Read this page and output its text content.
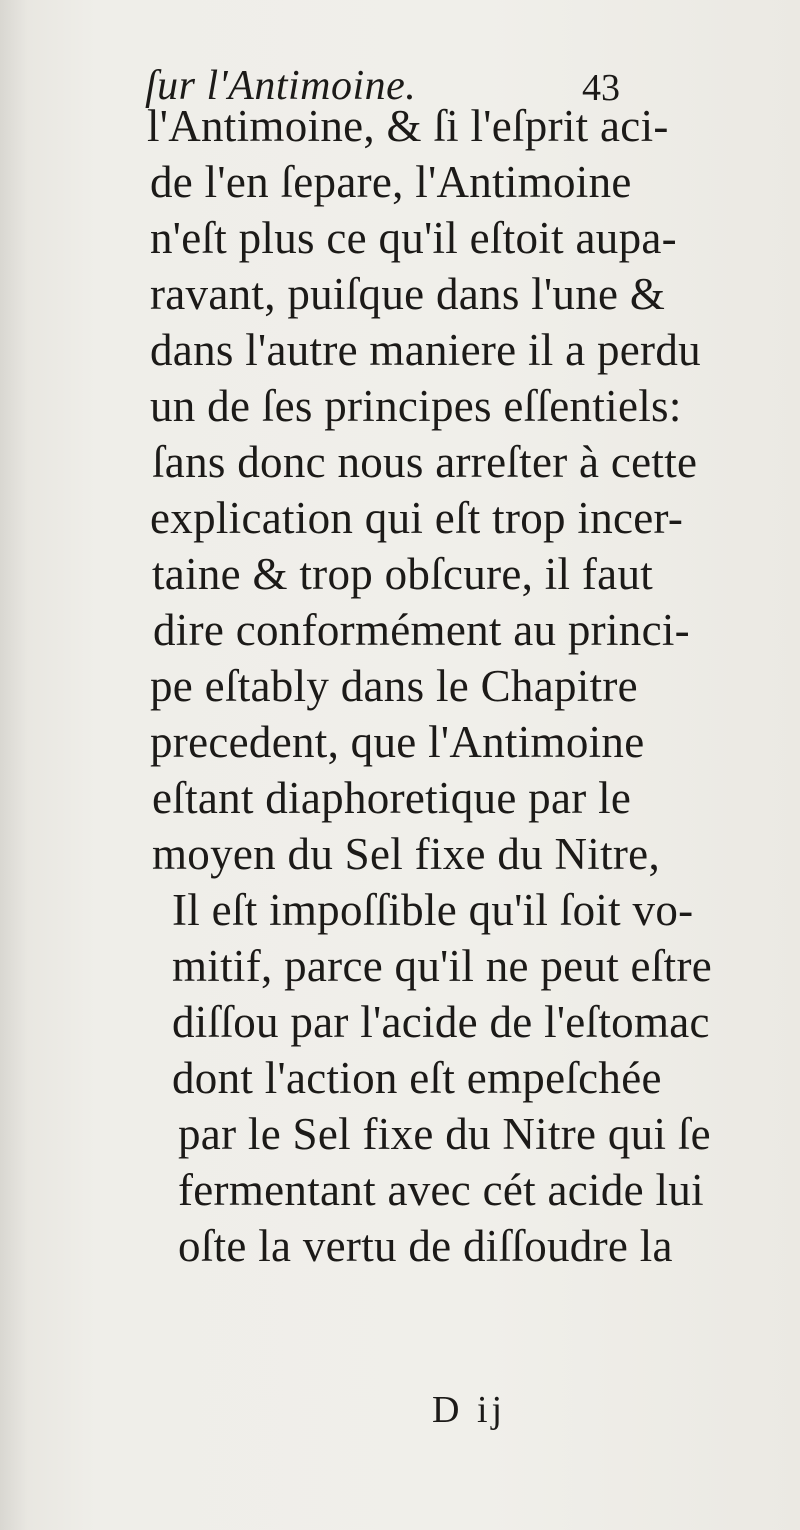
ſur l'Antimoine.	43
l'Antimoine, & ſi l'eſprit aci-
de l'en ſepare, l'Antimoine
n'eſt plus ce qu'il eſtoit aupa-
ravant, puiſque dans l'une &
dans l'autre maniere il a perdu
un de ſes principes eſſentiels:
ſans donc nous arreſter à cette
explication qui eſt trop incer-
taine & trop obſcure, il faut
dire conformément au princi-
pe eſtably dans le Chapitre
precedent, que l'Antimoine
eſtant diaphoretique par le
moyen du Sel fixe du Nitre,
Il eſt impoſſible qu'il ſoit vo-
mitif, parce qu'il ne peut eſtre
diſſou par l'acide de l'eſtomac
dont l'action eſt empeſchée
par le Sel fixe du Nitre qui ſe
fermentant avec cét acide lui
oſte la vertu de diſſoudre la
D ij
